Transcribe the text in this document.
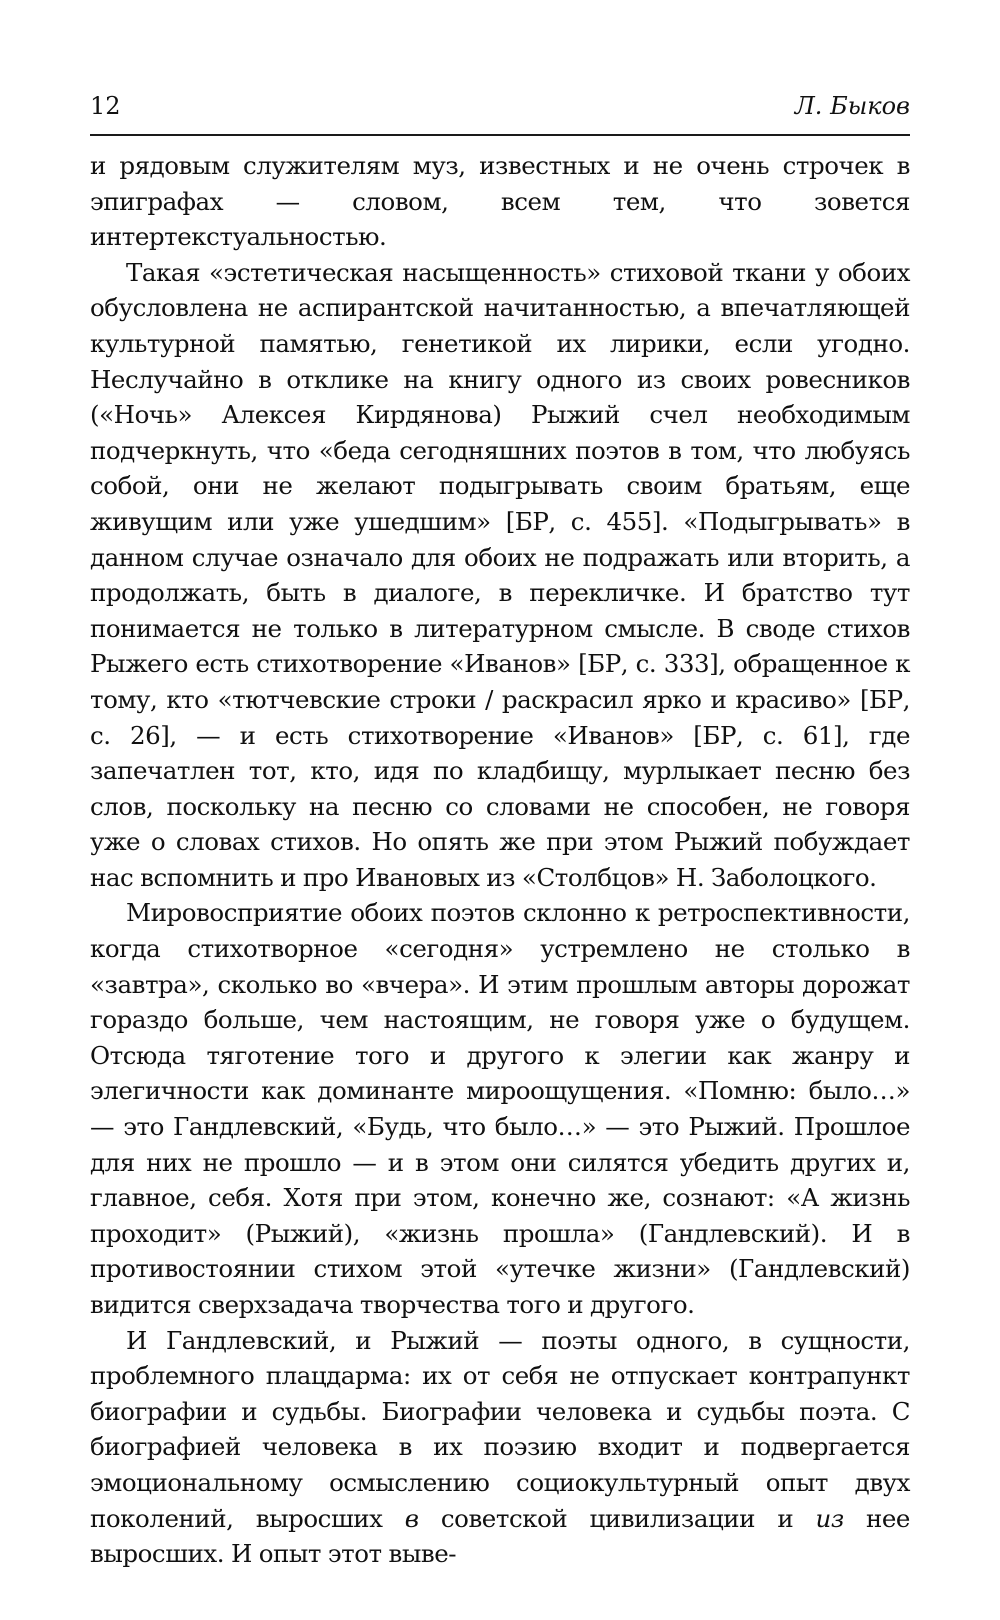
12	Л. Быков

и рядовым служителям муз, известных и не очень строчек в эпиграфах — словом, всем тем, что зовется интертекстуальностью.

Такая «эстетическая насыщенность» стиховой ткани у обоих обусловлена не аспирантской начитанностью, а впечатляющей культурной памятью, генетикой их лирики, если угодно. Неслучайно в отклике на книгу одного из своих ровесников («Ночь» Алексея Кирдянова) Рыжий счел необходимым подчеркнуть, что «беда сегодняшних поэтов в том, что любуясь собой, они не желают подыгрывать своим братьям, еще живущим или уже ушедшим» [БР, с. 455]. «Подыгрывать» в данном случае означало для обоих не подражать или вторить, а продолжать, быть в диалоге, в перекличке. И братство тут понимается не только в литературном смысле. В своде стихов Рыжего есть стихотворение «Иванов» [БР, с. 333], обращенное к тому, кто «тютчевские строки / раскрасил ярко и красиво» [БР, с. 26], — и есть стихотворение «Иванов» [БР, с. 61], где запечатлен тот, кто, идя по кладбищу, мурлыкает песню без слов, поскольку на песню со словами не способен, не говоря уже о словах стихов. Но опять же при этом Рыжий побуждает нас вспомнить и про Ивановых из «Столбцов» Н. Заболоцкого.

Мировосприятие обоих поэтов склонно к ретроспективности, когда стихотворное «сегодня» устремлено не столько в «завтра», сколько во «вчера». И этим прошлым авторы дорожат гораздо больше, чем настоящим, не говоря уже о будущем. Отсюда тяготение того и другого к элегии как жанру и элегичности как доминанте мироощущения. «Помню: было…» — это Гандлевский, «Будь, что было…» — это Рыжий. Прошлое для них не прошло — и в этом они силятся убедить других и, главное, себя. Хотя при этом, конечно же, сознают: «А жизнь проходит» (Рыжий), «жизнь прошла» (Гандлевский). И в противостоянии стихом этой «утечке жизни» (Гандлевский) видится сверхзадача творчества того и другого.

И Гандлевский, и Рыжий — поэты одного, в сущности, проблемного плацдарма: их от себя не отпускает контрапункт биографии и судьбы. Биографии человека и судьбы поэта. С биографией человека в их поэзию входит и подвергается эмоциональному осмыслению социокультурный опыт двух поколений, выросших в советской цивилизации и из нее выросших. И опыт этот выве-
